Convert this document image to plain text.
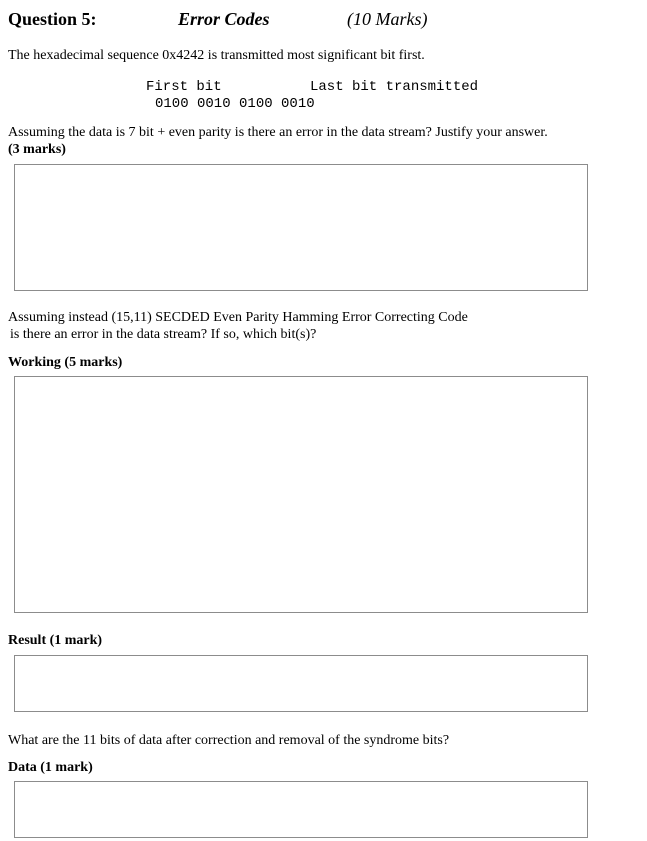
Question 5:	Error Codes	(10 Marks)
The hexadecimal sequence 0x4242 is transmitted most significant bit first.
First bit	Last bit transmitted
0100 0010 0100 0010
Assuming the data is 7 bit + even parity is there an error in the data stream? Justify your answer.
(3 marks)
Assuming instead (15,11) SECDED Even Parity Hamming Error Correcting Code
is there an error in the data stream? If so, which bit(s)?
Working (5 marks)
Result (1 mark)
What are the 11 bits of data after correction and removal of the syndrome bits?
Data (1 mark)
